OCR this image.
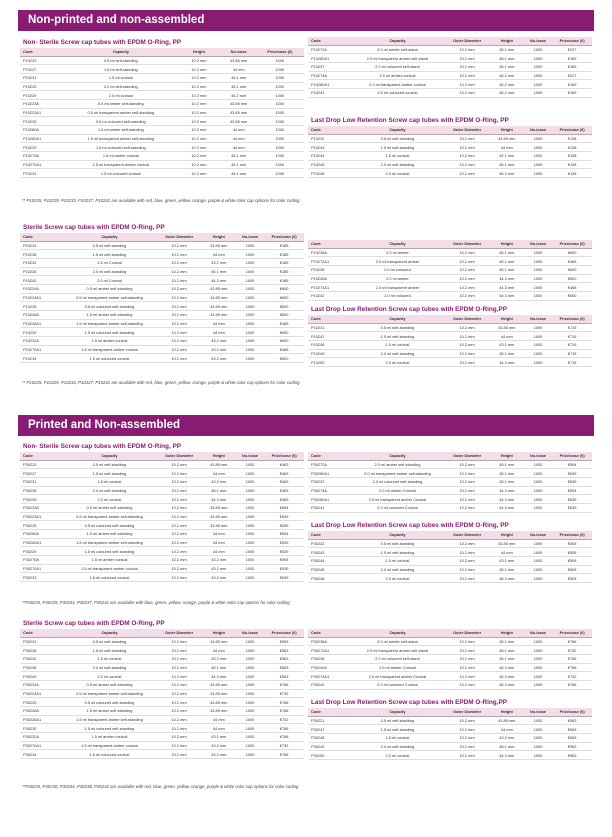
Non-printed and non-assembled
Non- Sterile Screw cap tubes with EPDM O-Ring, PP
Code	Capacity	Height	No./case	Price/case (€)	
P10223	0.5 ml self-standing	10.2 mm	43.85 mm	1000	
P10227	1.5 ml self-standing	10.2 mm	44 mm	1000	
P10231	1.5 ml conical	10.2 mm	45.1 mm	1000	
P10225	2.0 ml self-standing	10.2 mm	45.1 mm	1000	
P10229	2.0 ml conical	10.2 mm	44.2 mm	1000	
P10223A	0.5 ml amber self-standing	10.2 mm	43.85 mm	1000	
P10223A1	0.5 ml transparent amber self-standing	10.2 mm	43.85 mm	1000	
P10225	0.5 ml coloured self-standing	10.2 mm	43.85 mm	1000	
P10260A	1.5 ml amber self-standing	10.2 mm	44 mm	1000	
P10260A1	1.5 ml transparent amber self-standing	10.2 mm	44 mm	1000	
P10229	1.5 ml coloured self-standing	10.2 mm	44 mm	1000	
P10270A	1.5 ml amber conical	10.2 mm	45.1 mm	1000	
P10270A1	1.5 ml transparent amber conical	10.2 mm	45.1 mm	1000	
P10233	1.5 ml coloured conical	10.2 mm	45.1 mm	1000	
Code	Capacity	Outer Diameter	Height	No./case	Price/case (€)
P10272A	2.0 ml amber self-stand	10.2 mm	45.1 mm	1000	€227
P10280A1	2.0 ml transparent amber self-stand	10.2 mm	45.1 mm	1000	€169
P10237	2.0 ml coloured self-stand	10.2 mm	45.1 mm	1000	€169
P10274A	2.0 ml amber conical	10.2 mm	46.2 mm	1000	€227
P10280A1	2.0 ml transparent amber conical	10.2 mm	46.2 mm	1000	€169
P10241	2.0 ml coloured conical	10.2 mm	46.2 mm	1000	€169
Last Drop Low Retention Screw cap tubes with EPDM O-Ring, PP
Code	Capacity	Outer Diameter	Height	No./case	Price/case (€)
P10232	0.5 ml self-standing	10.2 mm	43.85 mm	1000	€138
P10243	1.5 ml self-standing	10.2 mm	44 mm	1000	€138
P10244	1.5 ml conical	10.2 mm	42.1 mm	1000	€138
P10245	2.0 ml self-standing	10.2 mm	45.1 mm	1000	€138
P10246	2.0 ml conical	10.2 mm	46.3 mm	1000	€138
** P10225, P10229, P10233, P10237, P10241 are available with red, blue, green, yellow, orange, purple & white color cap options for color coding
Sterile Screw cap tubes with EPDM O-Ring, PP
Code	Capacity	Outer Diameter	Height	No./case	Price/case (€)
P10224	0.5 ml self-standing	10.2 mm	43.85 mm	1000	€185
P10228	1.5 ml self-standing	10.2 mm	44 mm	1000	€185
P10232	1.5 ml Conical	10.2 mm	43.2 mm	1000	€185
P10226	2.0 ml self-standing	10.2 mm	45.1 mm	1000	€185
P10240	2.0 ml Conical	10.2 mm	44.3 mm	1000	€185
P10224A	0.5 ml amber self-standing	10.2 mm	43.85 mm	1000	€600
P10224A1	0.5 ml transparent amber self-standing	10.2 mm	43.85 mm	1000	€600
P10225	0.5 ml coloured self-standing	10.2 mm	43.85 mm	1000	€600
P10226A	1.5 ml amber self-standing	10.2 mm	43.85 mm	1000	€600
P10226A1	1.5 ml transparent amber self-standing	10.2 mm	44 mm	1000	€465
P10230	1.5 ml coloured self-standing	10.2 mm	44 mm	1000	€600
P10232A	1.5 ml amber conical	10.2 mm	43.2 mm	1000	€600
P10270A1	1.5 ml transparent amber conical	10.2 mm	43.2 mm	1000	€465
P10234	1.5 ml coloured conical	10.2 mm	43.2 mm	1000	€600
Code	Capacity	Outer Diameter	Height	No./case	Price/case (€)
P10236A	2.0 ml amber	10.2 mm	45.1 mm	1000	€600
P10272A1	2.0 ml transparent amber	10.2 mm	45.1 mm	1000	€465
P10238	2.0 ml coloured	10.2 mm	45.1 mm	1000	€600
P10240A	2.0 ml amber	10.2 mm	44.3 mm	1000	€600
P10274A1	2.0 ml transparent amber	10.2 mm	44.3 mm	1000	€465
P10242	2.0 ml coloured	10.2 mm	44.3 mm	1000	€600
Last Drop Low Retention Screw cap tubes with EPDM O-Ring,PP
Code	Capacity	Outer Diameter	Height	No./case	Price/case (€)
P10221	0.5 ml self-standing	10.2 mm	43.85 mm	1000	€715
P10247	1.5 ml self-standing	10.2 mm	44 mm	1000	€715
P10248	1.5 ml conical	10.2 mm	43.2 mm	1000	€715
P10249	2.0 ml self-standing	10.2 mm	45.1 mm	1000	€715
P10250	2.0 ml conical	10.2 mm	44.3 mm	1000	€715
** P10225, P10229, P10233, P10237, P10241 are available with red, blue, green, yellow, orange, purple & white color cap options for color coding
Printed and Non-assembled
Non- Sterile Screw cap tubes with EPDM O-Ring, PP
Code	Capacity	Outer Diameter	Height	No./case	Price/case (€)
P30223	0.5 ml self-standing	10.2 mm	43.85 mm	1000	€463
P30227	1.5 ml self-standing	10.2 mm	44 mm	1000	€463
P30231	1.5 ml conical	10.2 mm	43.2 mm	1000	€463
P30235	2.0 ml self-standing	10.2 mm	45.1 mm	1000	€463
P30239	2.0 ml conical	10.2 mm	44.3 mm	1000	€463
P30223A	0.5 ml amber self-standing	10.2 mm	43.85 mm	1000	€594
P30223A1	0.5 ml transparent amber self-standing	10.2 mm	43.85 mm	1000	€539
P30225	0.5 ml coloured self-standing	10.2 mm	43.85 mm	1000	€539
P30260A	1.5 ml amber self-standing	10.2 mm	44 mm	1000	€594
P30260A1	1.5 ml transparent amber self-standing	10.2 mm	44 mm	1000	€539
P30229	1.5 ml coloured self-standing	10.2 mm	44 mm	1000	€539
P30270A	1.5 ml amber conical	10.2 mm	43.2 mm	1000	€594
P30270A1	1.5 ml transparent amber conical	10.2 mm	43.2 mm	1000	€539
P30233	1.5 ml coloured conical	10.2 mm	43.2 mm	1000	€539
Code	Capacity	Outer Diameter	Height	No./case	Price/case (€)
P30272A	2.0 ml amber self-standing	10.2 mm	45.1 mm	1000	€594
P30280A1	2.0 ml transparent amber self-standing	10.2 mm	45.1 mm	1000	€539
P30237	2.0 ml coloured self-standing	10.2 mm	45.1 mm	1000	€539
P30274A	2.0 ml amber Conical	10.2 mm	44.3 mm	1000	€594
P30280A1	2.0 ml transparent amber Conical	10.2 mm	44.3 mm	1000	€539
P30241	2.0 ml coloured Conical	10.2 mm	44.3 mm	1000	€539
Last Drop Low Retention Screw cap tubes with EPDM O-Ring, PP
Code	Capacity	Outer Diameter	Height	No./case	Price/case (€)
P30222	0.5 ml self-standing	10.2 mm	43.85 mm	1000	€505
P30243	1.5 ml self-standing	10.2 mm	44 mm	1000	€505
P30244	1.5 ml conical	10.2 mm	43.2 mm	1000	€505
P30245	2.0 ml self-standing	10.2 mm	45.1 mm	1000	€505
P30246	2.0 ml conical	10.2 mm	46.3 mm	1000	€505
**P30225, P30229, P30233, P30237, P30241 are available with blue, green, yellow, orange, purple & white color cap options for color coding
Sterile Screw cap tubes with EPDM O-Ring, PP
Code	Capacity	Outer Diameter	Height	No./case	Price/case (€)
P30224	0.5 ml self-standing	10.2 mm	43.85 mm	1000	€563
P30228	1.5 ml self-standing	10.2 mm	44 mm	1000	€563
P30232	1.5 ml conical	10.2 mm	43.2 mm	1000	€563
P30236	2.0 ml self-standing	10.2 mm	45.1 mm	1000	€563
P30240	2.0 ml conical	10.2 mm	44.3 mm	1000	€563
P30224A	0.5 ml amber self-standing	10.2 mm	43.85 mm	1000	€786
P30224A1	0.5 ml transparent amber self-standing	10.2 mm	43.85 mm	1000	€732
P30225	0.5 ml coloured self-standing	10.2 mm	43.85 mm	1000	€786
P30226A	1.5 ml amber self-standing	10.2 mm	43.85 mm	1000	€786
P30226A1	1.5 ml transparent amber self-standing	10.2 mm	44 mm	1000	€732
P30230	1.5 ml coloured self-standing	10.2 mm	44 mm	1000	€786
P30232A	1.5 ml amber conical	10.2 mm	43.2 mm	1000	€786
P30270A1	1.5 ml transparent amber conical	10.2 mm	43.2 mm	1000	€732
P30234	1.5 ml coloured conical	10.2 mm	43.2 mm	1000	€786
Code	Capacity	Outer Diameter	Height	No./case	Price/case (€)
P30236A	2.0 ml amber self-stand	10.2 mm	45.1 mm	1000	€786
P30272A1	2.0 ml transparent amber self-stand	10.2 mm	45.1 mm	1000	€732
P30238	2.0 ml coloured self-stand	10.2 mm	45.1 mm	1000	€786
P30240A	2.0 ml amber Conical	10.2 mm	46.3 mm	1000	€786
P30274A1	2.0 ml transparent amber Conical	10.2 mm	46.3 mm	1000	€732
P30242	2.0 ml coloured Conical	10.2 mm	46.3 mm	1000	€786
Last Drop Low Retention Screw cap tubes with EPDM O-Ring,PP
Code	Capacity	Outer Diameter	Height	No./case	Price/case (€)
P30221	0.5 ml self-standing	10.2 mm	43.85 mm	1000	€963
P30247	1.5 ml self-standing	10.2 mm	44 mm	1000	€963
P30248	1.5 ml conical	10.2 mm	43.2 mm	1000	€963
P30249	2.0 ml self-standing	10.2 mm	45.1 mm	1000	€963
P30250	2.0 ml conical	10.2 mm	44.3 mm	1000	€963
**P30225, P30230, P30234, P30238, P30242 are available with red, blue, green, yellow, orange, purple & white color cap options for color coding
